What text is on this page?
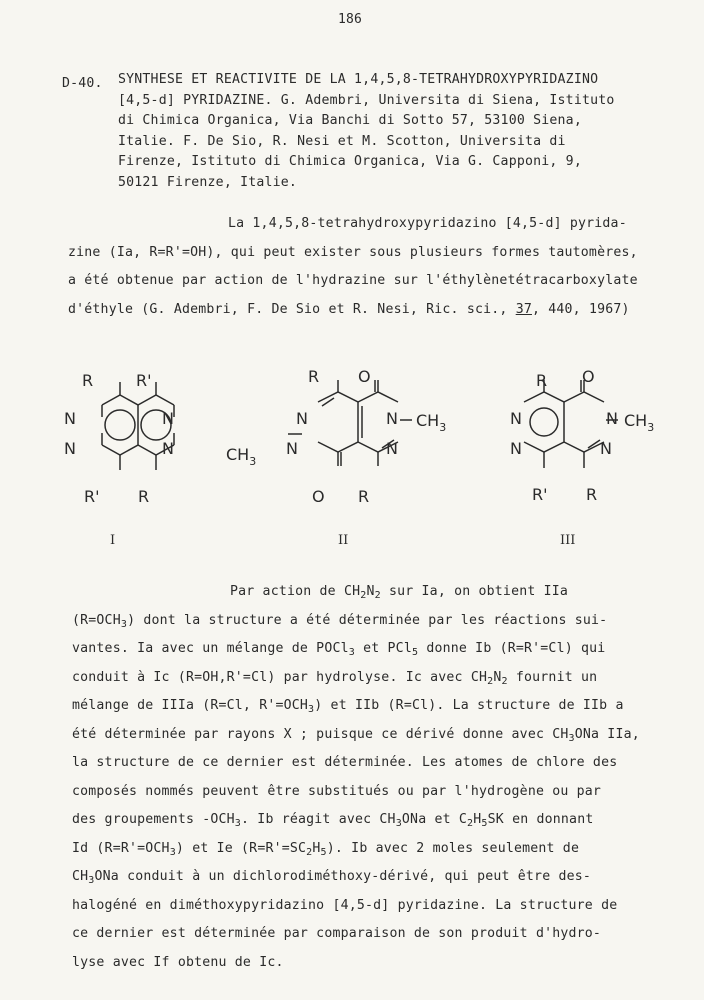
186
D-40. SYNTHESE ET REACTIVITE DE LA 1,4,5,8-TETRAHYDROXYPYRIDAZINO
[4,5-d] PYRIDAZINE. G. Adembri, Universita di Siena, Istituto
di Chimica Organica, Via Banchi di Sotto 57, 53100 Siena,
Italie. F. De Sio, R. Nesi et M. Scotton, Universita di
Firenze, Istituto di Chimica Organica, Via G. Capponi, 9,
50121 Firenze, Italie.
La 1,4,5,8-tetrahydroxypyridazino [4,5-d] pyrida-
zine (Ia, R=R'=OH), qui peut exister sous plusieurs formes tautomères,
a été obtenue par action de l'hydrazine sur l'éthylènetétracarboxylate
d'éthyle (G. Adembri, F. De Sio et R. Nesi, Ric. sci., 37, 440, 1967)
R	R'
N
N
N
N
R' R
I
R O
N
N
N
N
$CH_3$
$CH_3$
O R
II
R O
N
N
N
N
$CH_3$
R' R
III
Par action de $CH_2N_2$ sur Ia, on obtient IIa
$(R=OCH_3)$ dont la structure a été déterminée par les réactions sui-
vantes. Ia avec un mélange de POCl$_3$ et PCl$_5$ donne Ib (R=R'=Cl) qui
conduit à Ic (R=OH,R'=Cl) par hydrolyse. Ic avec $CH_2N_2$ fournit un
mélange de IIIa (R=Cl, $R'=OCH_3$) et IIb (R=Cl). La structure de IIb a
été déterminée par rayons X ; puisque ce dérivé donne avec $CH_3ONa$ IIa,
la structure de ce dernier est déterminée. Les atomes de chlore des
composés nommés peuvent être substitués ou par l'hydrogène ou par
des groupements $-OCH_3$. Ib réagit avec $CH_3ONa$ et $C_2H_5SK$ en donnant
Id $(R=R'=OCH_3)$ et Ie $(R=R'=SC_2H_5)$. Ib avec 2 moles seulement de
$CH_3ONa$ conduit à un dichlorodiméthoxy-dérivé, qui peut être des-
halogéné en diméthoxypyridazino [4,5-d] pyridazine. La structure de
ce dernier est déterminée par comparaison de son produit d'hydro-
lyse avec If obtenu de Ic.
